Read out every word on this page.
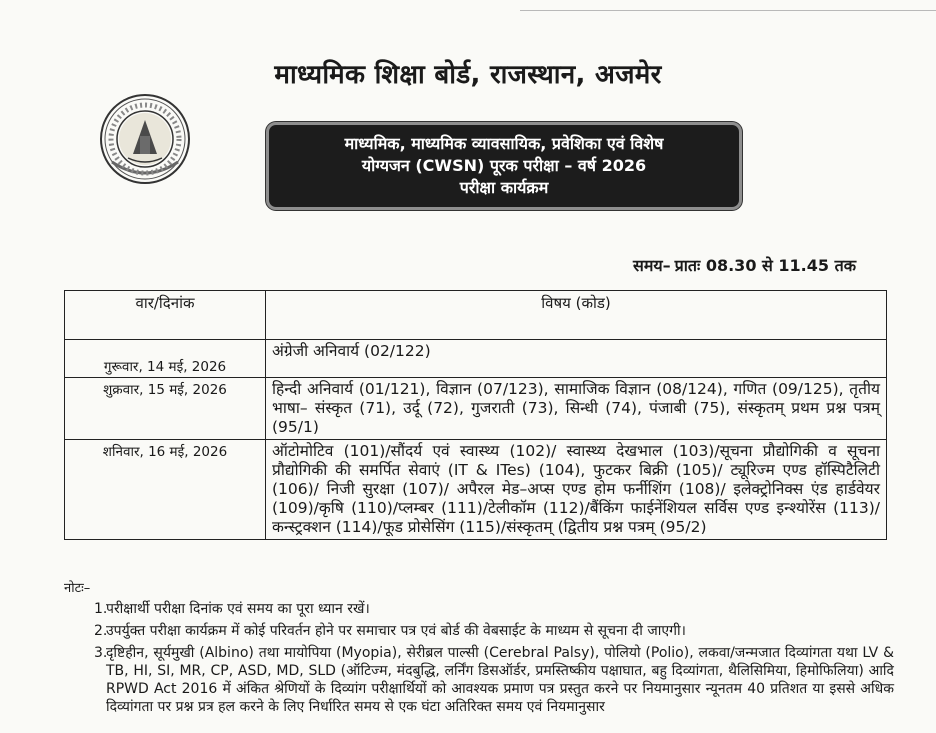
माध्यमिक शिक्षा बोर्ड, राजस्थान, अजमेर
माध्यमिक, माध्यमिक व्यावसायिक, प्रवेशिका एवं विशेष
योग्यजन (CWSN) पूरक परीक्षा – वर्ष 2026
परीक्षा कार्यक्रम
समय– प्रातः 08.30 से 11.45 तक
वार/दिनांक	विषय (कोड)
गुरूवार, 14 मई, 2026	अंग्रेजी अनिवार्य (02/122)
शुक्रवार, 15 मई, 2026	हिन्दी अनिवार्य (01/121), विज्ञान (07/123), सामाजिक विज्ञान (08/124), गणित (09/125), तृतीय भाषा– संस्कृत (71), उर्दू (72), गुजराती (73), सिन्धी (74), पंजाबी (75), संस्कृतम् प्रथम प्रश्न पत्रम् (95/1)
शनिवार, 16 मई, 2026	ऑटोमोटिव (101)/सौंदर्य एवं स्वास्थ्य (102)/ स्वास्थ्य देखभाल (103)/सूचना प्रौद्योगिकी व सूचना प्रौद्योगिकी की समर्पित सेवाएं (IT & ITes) (104), फुटकर बिक्री (105)/ ट्यूरिज्म एण्ड हॉस्पिटैलिटी (106)/ निजी सुरक्षा (107)/ अपैरल मेड–अप्स एण्ड होम फर्नीशिंग (108)/ इलेक्ट्रोनिक्स एंड हार्डवेयर (109)/कृषि (110)/प्लम्बर (111)/टेलीकॉम (112)/बैंकिंग फाईनेंशियल सर्विस एण्ड इन्श्योरेंस (113)/कन्स्ट्रक्शन (114)/फूड प्रोसेसिंग (115)/संस्कृतम् (द्वितीय प्रश्न पत्रम् (95/2)
नोटः–
1.
परीक्षार्थी परीक्षा दिनांक एवं समय का पूरा ध्यान रखें।
2.
उपर्युक्त परीक्षा कार्यक्रम में कोई परिवर्तन होने पर समाचार पत्र एवं बोर्ड की वेबसाईट के माध्यम से सूचना दी जाएगी।
3.
दृष्टिहीन, सूर्यमुखी (Albino) तथा मायोपिया (Myopia), सेरीब्रल पाल्सी (Cerebral Palsy), पोलियो (Polio), लकवा/जन्मजात दिव्यांगता यथा LV & TB, HI, SI, MR, CP, ASD, MD, SLD (ऑटिज्म, मंदबुद्धि, लर्निंग डिसऑर्डर, प्रमस्तिष्कीय पक्षाघात, बहु दिव्यांगता, थैलिसिमिया, हिमोफिलिया) आदि RPWD Act 2016 में अंकित श्रेणियों के दिव्यांग परीक्षार्थियों को आवश्यक प्रमाण पत्र प्रस्तुत करने पर नियमानुसार न्यूनतम 40 प्रतिशत या इससे अधिक दिव्यांगता पर प्रश्न प्रत्र हल करने के लिए निर्धारित समय से एक घंटा अतिरिक्त समय एवं नियमानुसार
